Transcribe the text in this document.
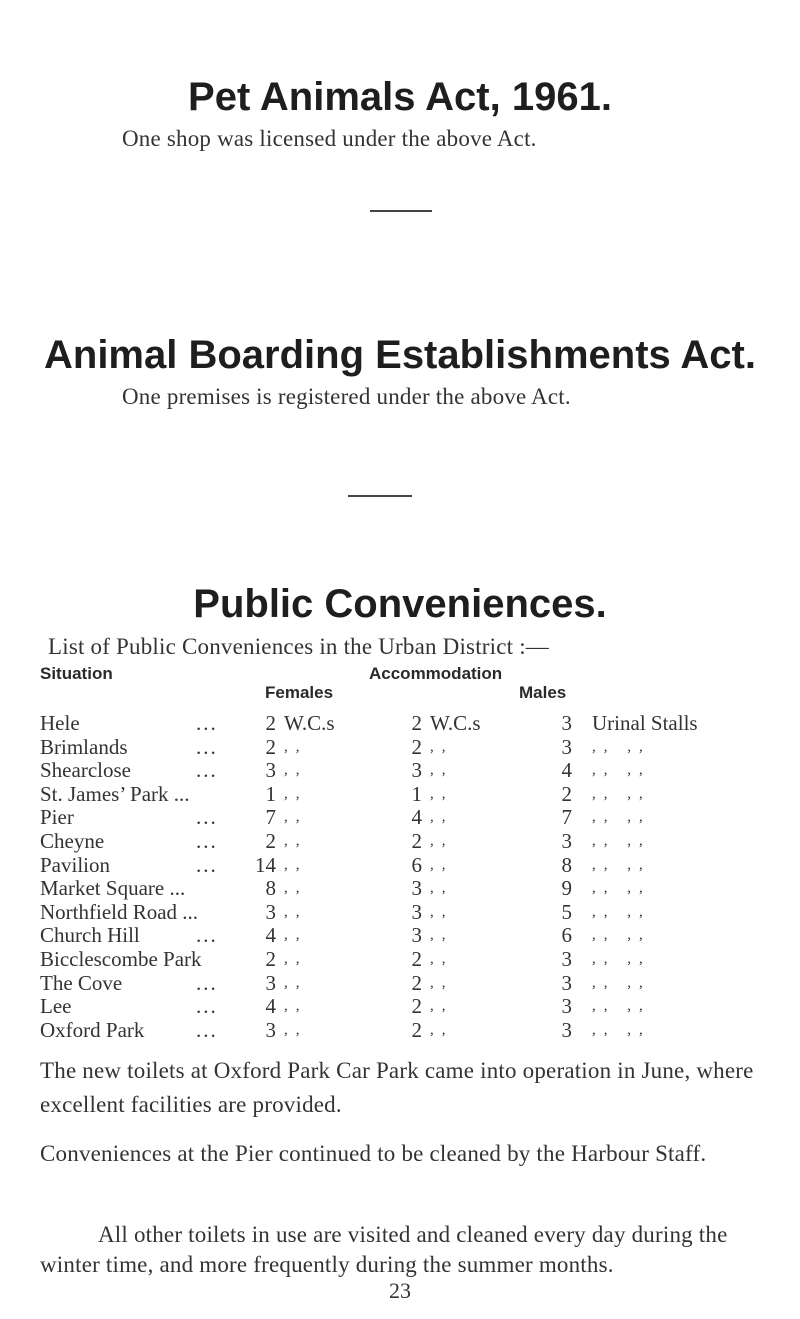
Pet Animals Act, 1961.

One shop was licensed under the above Act.

Animal Boarding Establishments Act.

One premises is registered under the above Act.

Public Conveniences.

List of Public Conveniences in the Urban District :—

Situation	Accommodation

Females	Males

Hele	...	2 W.C.s	2 W.C.s	3 Urinal Stalls
Brimlands	...	2 ,,	2 ,,	3 ,, ,,
Shearclose	...	3 ,,	3 ,,	4 ,, ,,
St. James’ Park ...	1 ,,	1 ,,	2 ,, ,,
Pier	...	7 ,,	4 ,,	7 ,, ,,
Cheyne	...	2 ,,	2 ,,	3 ,, ,,
Pavilion	... 14 ,,	6 ,,	8 ,, ,,
Market Square ...	8 ,,	3 ,,	9 ,, ,,
Northfield Road ...	3 ,,	3 ,,	5 ,, ,,
Church Hill	...	4 ,,	3 ,,	6 ,, ,,
Bicclescombe Park	2 ,,	2 ,,	3 ,, ,,
The Cove	...	3 ,,	2 ,,	3 ,, ,,
Lee	...	4 ,,	2 ,,	3 ,, ,,
Oxford Park ...	3 ,,	2 ,,	3 ,, ,,

The new toilets at Oxford Park Car Park came into operation in June, where excellent facilities are provided.

Conveniences at the Pier continued to be cleaned by the Harbour Staff.

All other toilets in use are visited and cleaned every day during the winter time, and more frequently during the summer months.

23
